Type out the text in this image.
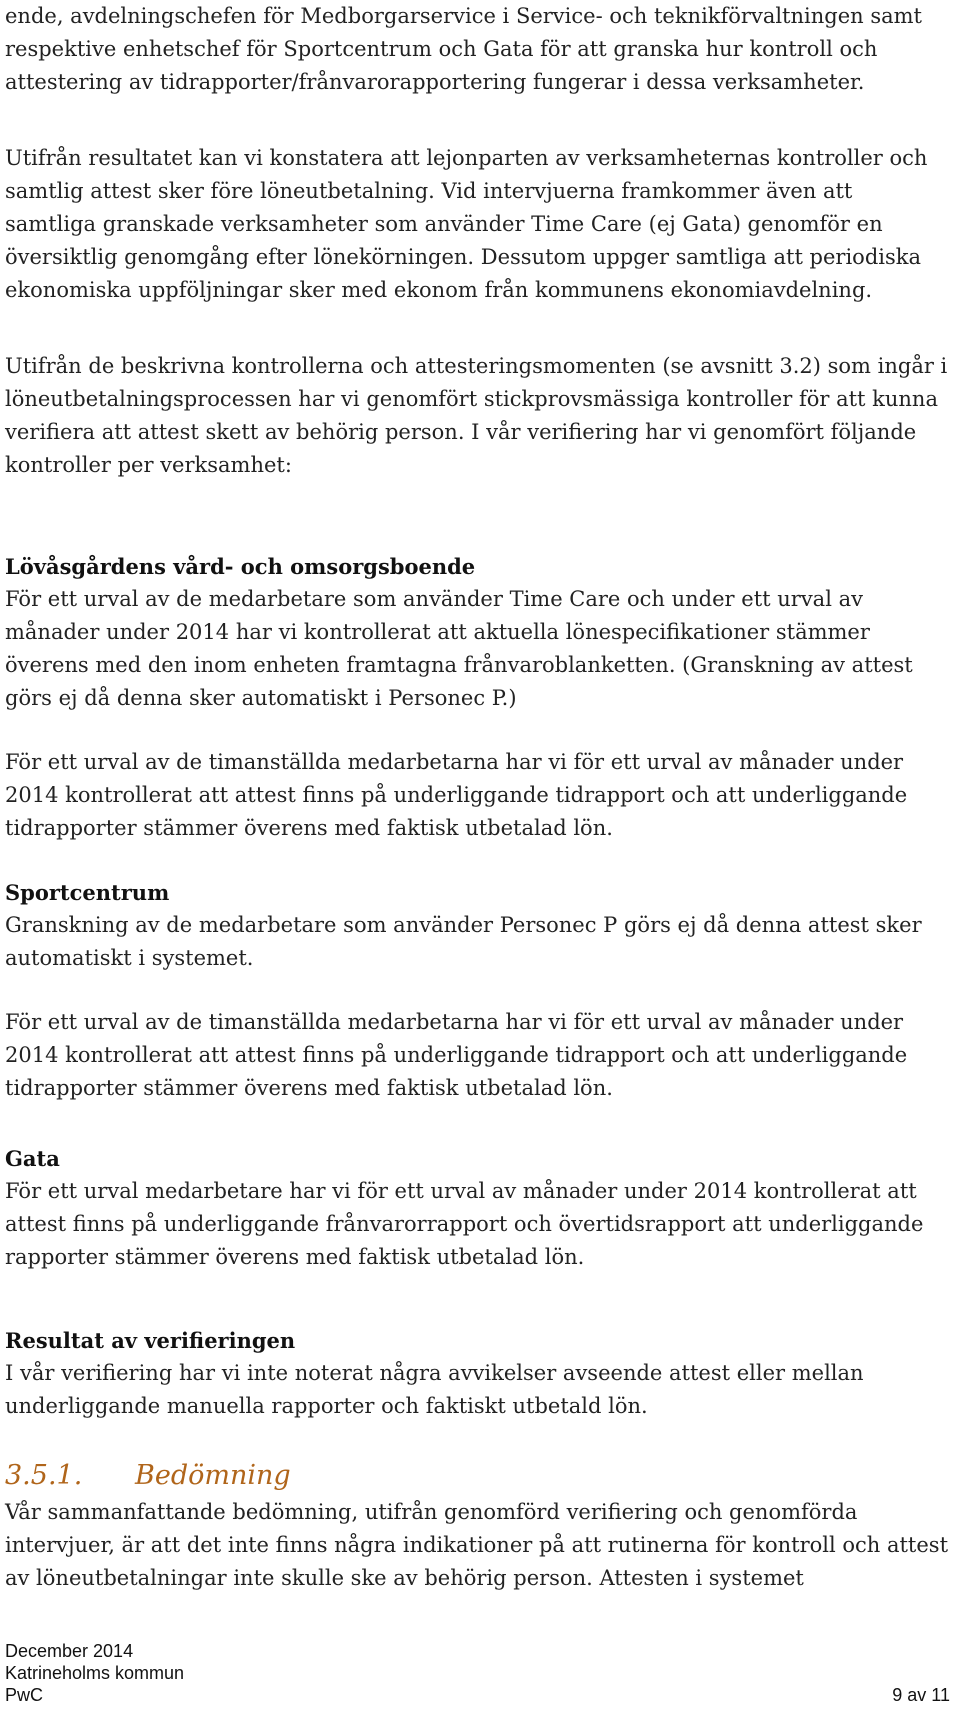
ende, avdelningschefen för Medborgarservice i Service- och teknikförvaltningen samt respektive enhetschef för Sportcentrum och Gata för att granska hur kontroll och attestering av tidrapporter/frånvarorapportering fungerar i dessa verksamheter.

Utifrån resultatet kan vi konstatera att lejonparten av verksamheternas kontroller och samtlig attest sker före löneutbetalning. Vid intervjuerna framkommer även att samtliga granskade verksamheter som använder Time Care (ej Gata) genomför en översiktlig genomgång efter lönekörningen. Dessutom uppger samtliga att periodiska ekonomiska uppföljningar sker med ekonom från kommunens ekonomiavdelning.

Utifrån de beskrivna kontrollerna och attesteringsmomenten (se avsnitt 3.2) som ingår i löneutbetalningsprocessen har vi genomfört stickprovsmässiga kontroller för att kunna verifiera att attest skett av behörig person. I vår verifiering har vi genomfört följande kontroller per verksamhet:

Lövåsgårdens vård- och omsorgsboende
För ett urval av de medarbetare som använder Time Care och under ett urval av månader under 2014 har vi kontrollerat att aktuella lönespecifikationer stämmer överens med den inom enheten framtagna frånvaroblanketten. (Granskning av attest görs ej då denna sker automatiskt i Personec P.)

För ett urval av de timanställda medarbetarna har vi för ett urval av månader under 2014 kontrollerat att attest finns på underliggande tidrapport och att underliggande tidrapporter stämmer överens med faktisk utbetalad lön.

Sportcentrum
Granskning av de medarbetare som använder Personec P görs ej då denna attest sker automatiskt i systemet.

För ett urval av de timanställda medarbetarna har vi för ett urval av månader under 2014 kontrollerat att attest finns på underliggande tidrapport och att underliggande tidrapporter stämmer överens med faktisk utbetalad lön.

Gata
För ett urval medarbetare har vi för ett urval av månader under 2014 kontrollerat att attest finns på underliggande frånvarorrapport och övertidsrapport att underliggande rapporter stämmer överens med faktisk utbetalad lön.
Resultat av verifieringen
I vår verifiering har vi inte noterat några avvikelser avseende attest eller mellan underliggande manuella rapporter och faktiskt utbetald lön.
3.5.1. Bedömning

Vår sammanfattande bedömning, utifrån genomförd verifiering och genomförda intervjuer, är att det inte finns några indikationer på att rutinerna för kontroll och attest av löneutbetalningar inte skulle ske av behörig person. Attesten i systemet

December 2014
Katrineholms kommun
PwC	9 av 11
